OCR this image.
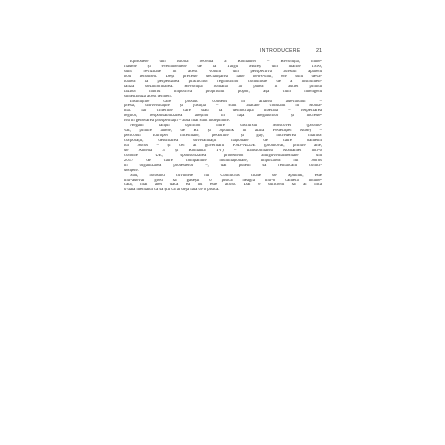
INTRODUCERE	21
Episodele din istoria recentă a României – Revoluția, mine-
riadele și evenimentele de la Târgu Mureș din martie 1990,
sunt revizitate în acest volum din perspectiva acestui aparent
nou fenomen. Deși precede declanșarea fake news-ului, ele sunt deva-
loarea la perpetuarea practicilor regimurilor comuniste de a instrumen-
taliza dezinformarea. Revoluția română ar putea fi astfel primul
război hibrid împotriva propriului popor, așa cum inteligent
sintetizează acest termen.
Instituțiile care produc consens în aflarea adevărului –
presa, universitățile și justiția – sunt atacate constant în Româ-
nia. Iar criteriile care stau la democrația liberală – respectarea
legilor, responsabilizarea aleșilor în fața alegătorilor și încrede-
rea în generarea prosperității – abia mai sunt îndeplinite.
Negăm lanțul opririlor între discursul Moscovei (promo-
vat, printre altele, de RT și Sputnik în afara Federației Ruse) –
pericolul Europei încetinate, pedofilie și gay, încrederea marilor
corporații, deturnarea suveranității naționale de către oamenii
lui Soros – și cel al guvernării PSD-ALDE (promovat, printre alte,
de Antena 3 și România TV) – transformarea României într-o
colonie UE, sponsorizarea protestelor antiguvernamentale din
2017 de către companiile multinaționale, implicarea lui Soros
în organizarea protestelor –, dar putem să remarcăm coinci-
dențele.
Sau, folosind cuvintele lui Confucius citate de Sputnik, este
într-adevăr greu să găsești o pisică neagră într-o cameră întune-
cată, mai ales dacă ea nu este acolo. Dar e suficient să ai încă
o dată mentalul ca să știi că ai deja fata ce o pisică.
